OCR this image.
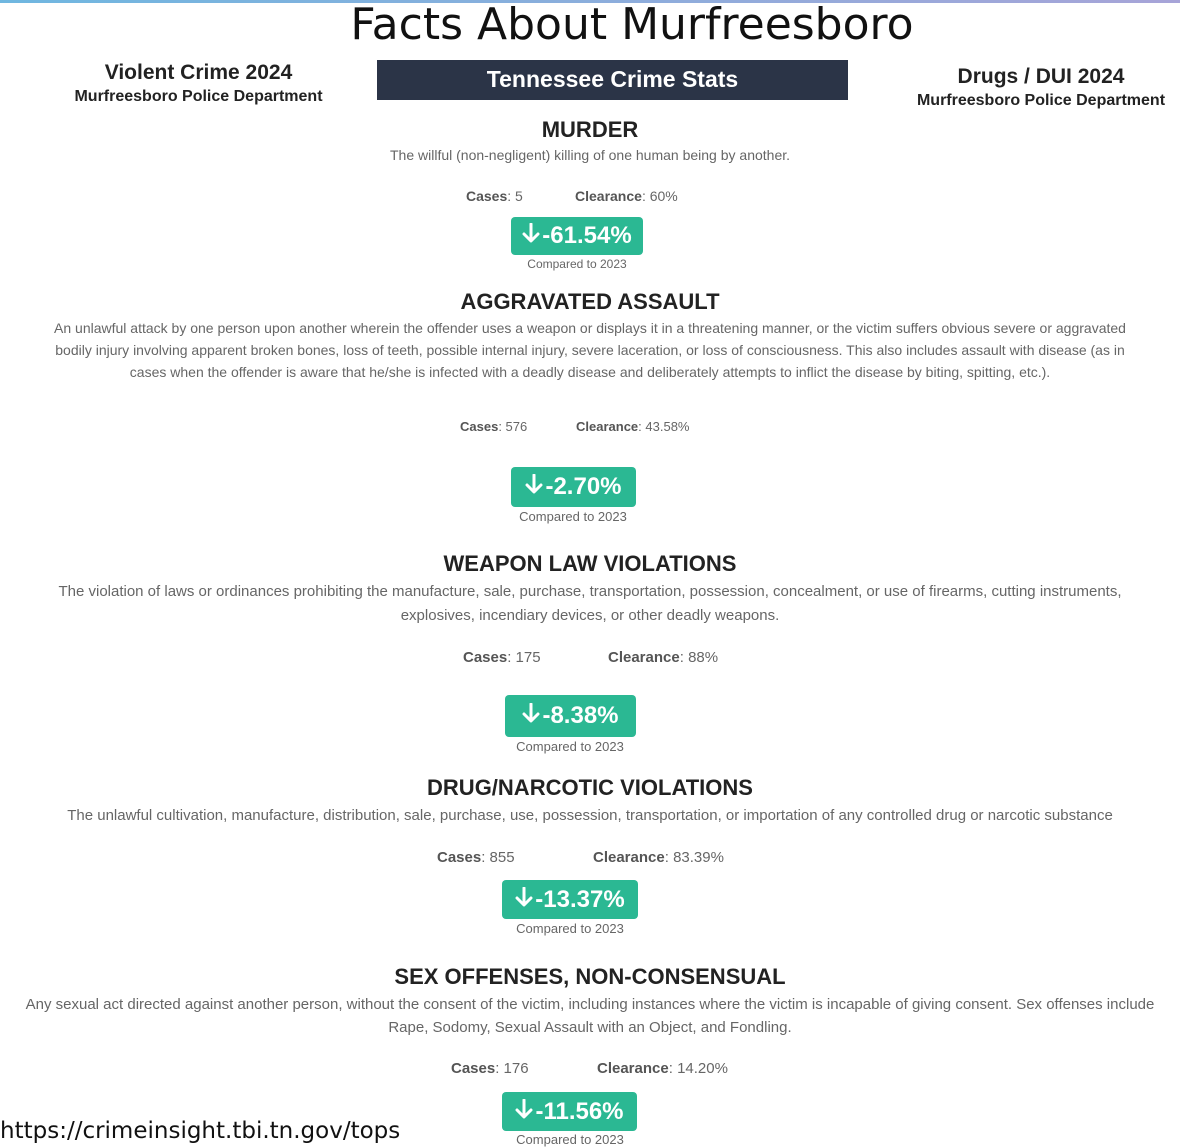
Facts About Murfreesboro
Violent Crime 2024
Murfreesboro Police Department
Tennessee Crime Stats	Drugs / DUI 2024
Murfreesboro Police Department
MURDER
The willful (non-negligent) killing of one human being by another.
Cases: 5	Clearance: 60%
-61.54%
Compared to 2023
AGGRAVATED ASSAULT
An unlawful attack by one person upon another wherein the offender uses a weapon or displays it in a threatening manner, or the victim suffers obvious severe or aggravated bodily injury involving apparent broken bones, loss of teeth, possible internal injury, severe laceration, or loss of consciousness. This also includes assault with disease (as in cases when the offender is aware that he/she is infected with a deadly disease and deliberately attempts to inflict the disease by biting, spitting, etc.).
Cases: 576	Clearance: 43.58%
-2.70%
Compared to 2023
WEAPON LAW VIOLATIONS
The violation of laws or ordinances prohibiting the manufacture, sale, purchase, transportation, possession, concealment, or use of firearms, cutting instruments, explosives, incendiary devices, or other deadly weapons.
Cases: 175	Clearance: 88%
-8.38%
Compared to 2023
DRUG/NARCOTIC VIOLATIONS
The unlawful cultivation, manufacture, distribution, sale, purchase, use, possession, transportation, or importation of any controlled drug or narcotic substance
Cases: 855	Clearance: 83.39%
-13.37%
Compared to 2023
SEX OFFENSES, NON-CONSENSUAL
Any sexual act directed against another person, without the consent of the victim, including instances where the victim is incapable of giving consent. Sex offenses include Rape, Sodomy, Sexual Assault with an Object, and Fondling.
Cases: 176	Clearance: 14.20%
-11.56%
Compared to 2023
https://crimeinsight.tbi.tn.gov/tops
